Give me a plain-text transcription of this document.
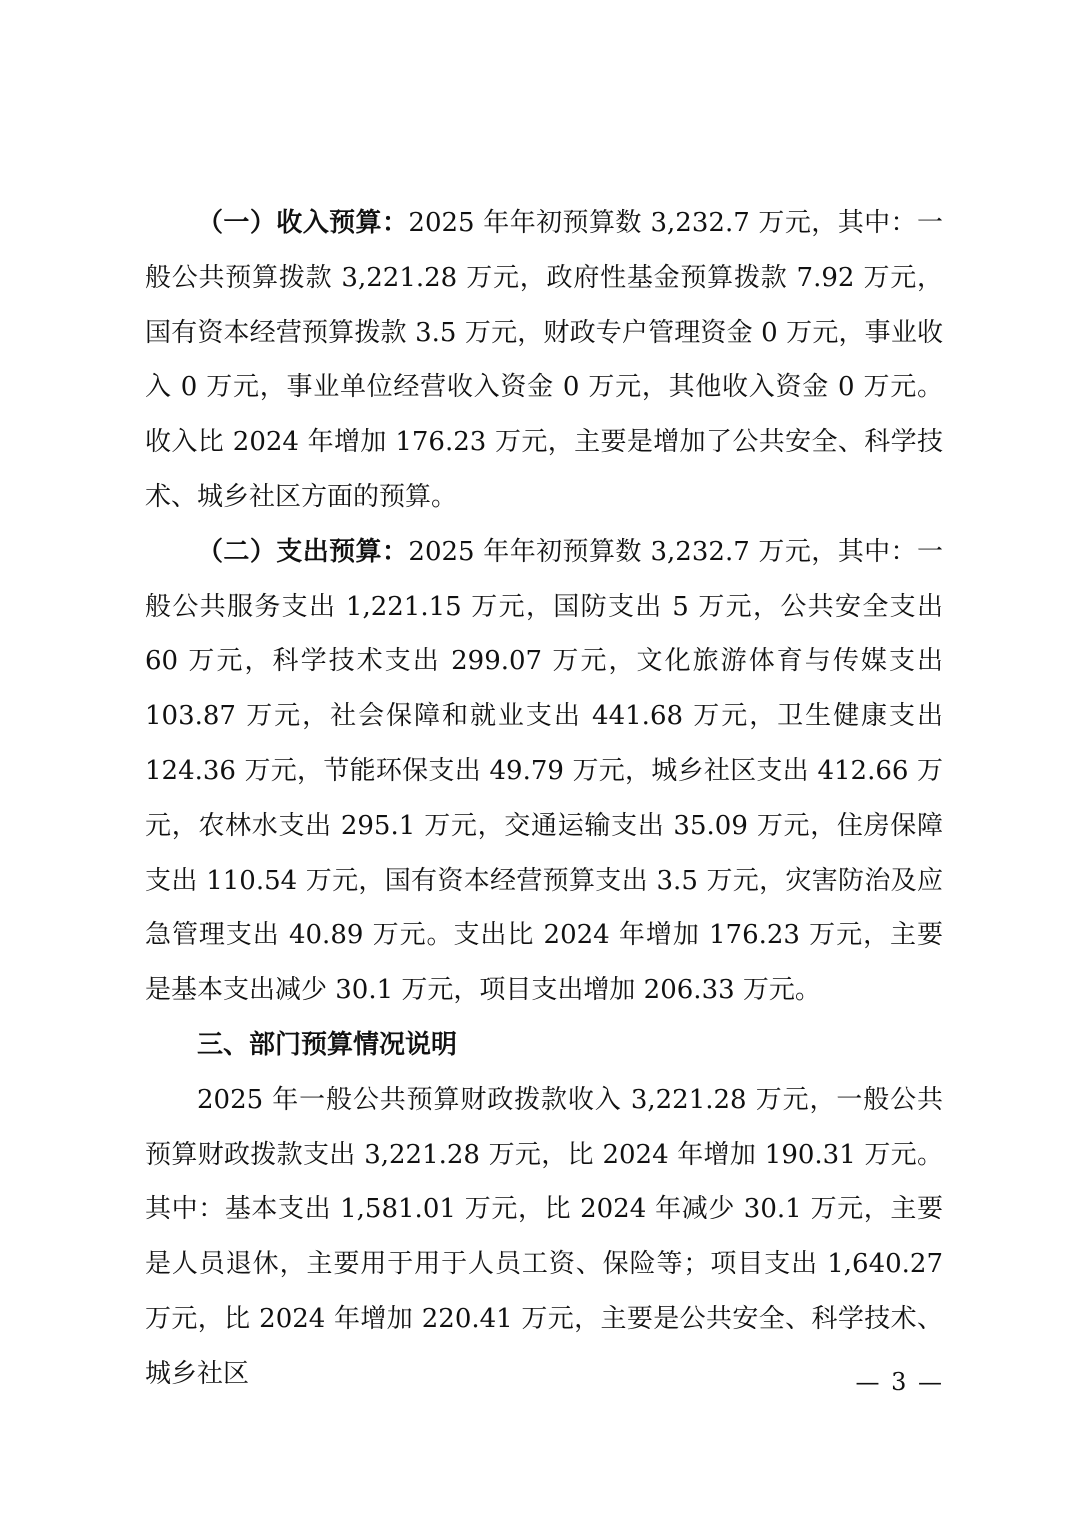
（一）收入预算：2025 年年初预算数 3,232.7 万元，其中：一般公共预算拨款 3,221.28 万元，政府性基金预算拨款 7.92 万元，国有资本经营预算拨款 3.5 万元，财政专户管理资金 0 万元，事业收入 0 万元，事业单位经营收入资金 0 万元，其他收入资金 0 万元。收入比 2024 年增加 176.23 万元，主要是增加了公共安全、科学技术、城乡社区方面的预算。

（二）支出预算：2025 年年初预算数 3,232.7 万元，其中：一般公共服务支出 1,221.15 万元，国防支出 5 万元，公共安全支出 60 万元，科学技术支出 299.07 万元，文化旅游体育与传媒支出 103.87 万元，社会保障和就业支出 441.68 万元，卫生健康支出 124.36 万元，节能环保支出 49.79 万元，城乡社区支出 412.66 万元，农林水支出 295.1 万元，交通运输支出 35.09 万元，住房保障支出 110.54 万元，国有资本经营预算支出 3.5 万元，灾害防治及应急管理支出 40.89 万元。支出比 2024 年增加 176.23 万元，主要是基本支出减少 30.1 万元，项目支出增加 206.33 万元。

三、部门预算情况说明

2025 年一般公共预算财政拨款收入 3,221.28 万元，一般公共预算财政拨款支出 3,221.28 万元，比 2024 年增加 190.31 万元。其中：基本支出 1,581.01 万元，比 2024 年减少 30.1 万元，主要是人员退休，主要用于用于人员工资、保险等；项目支出 1,640.27 万元，比 2024 年增加 220.41 万元，主要是公共安全、科学技术、城乡社区	— 3 —
